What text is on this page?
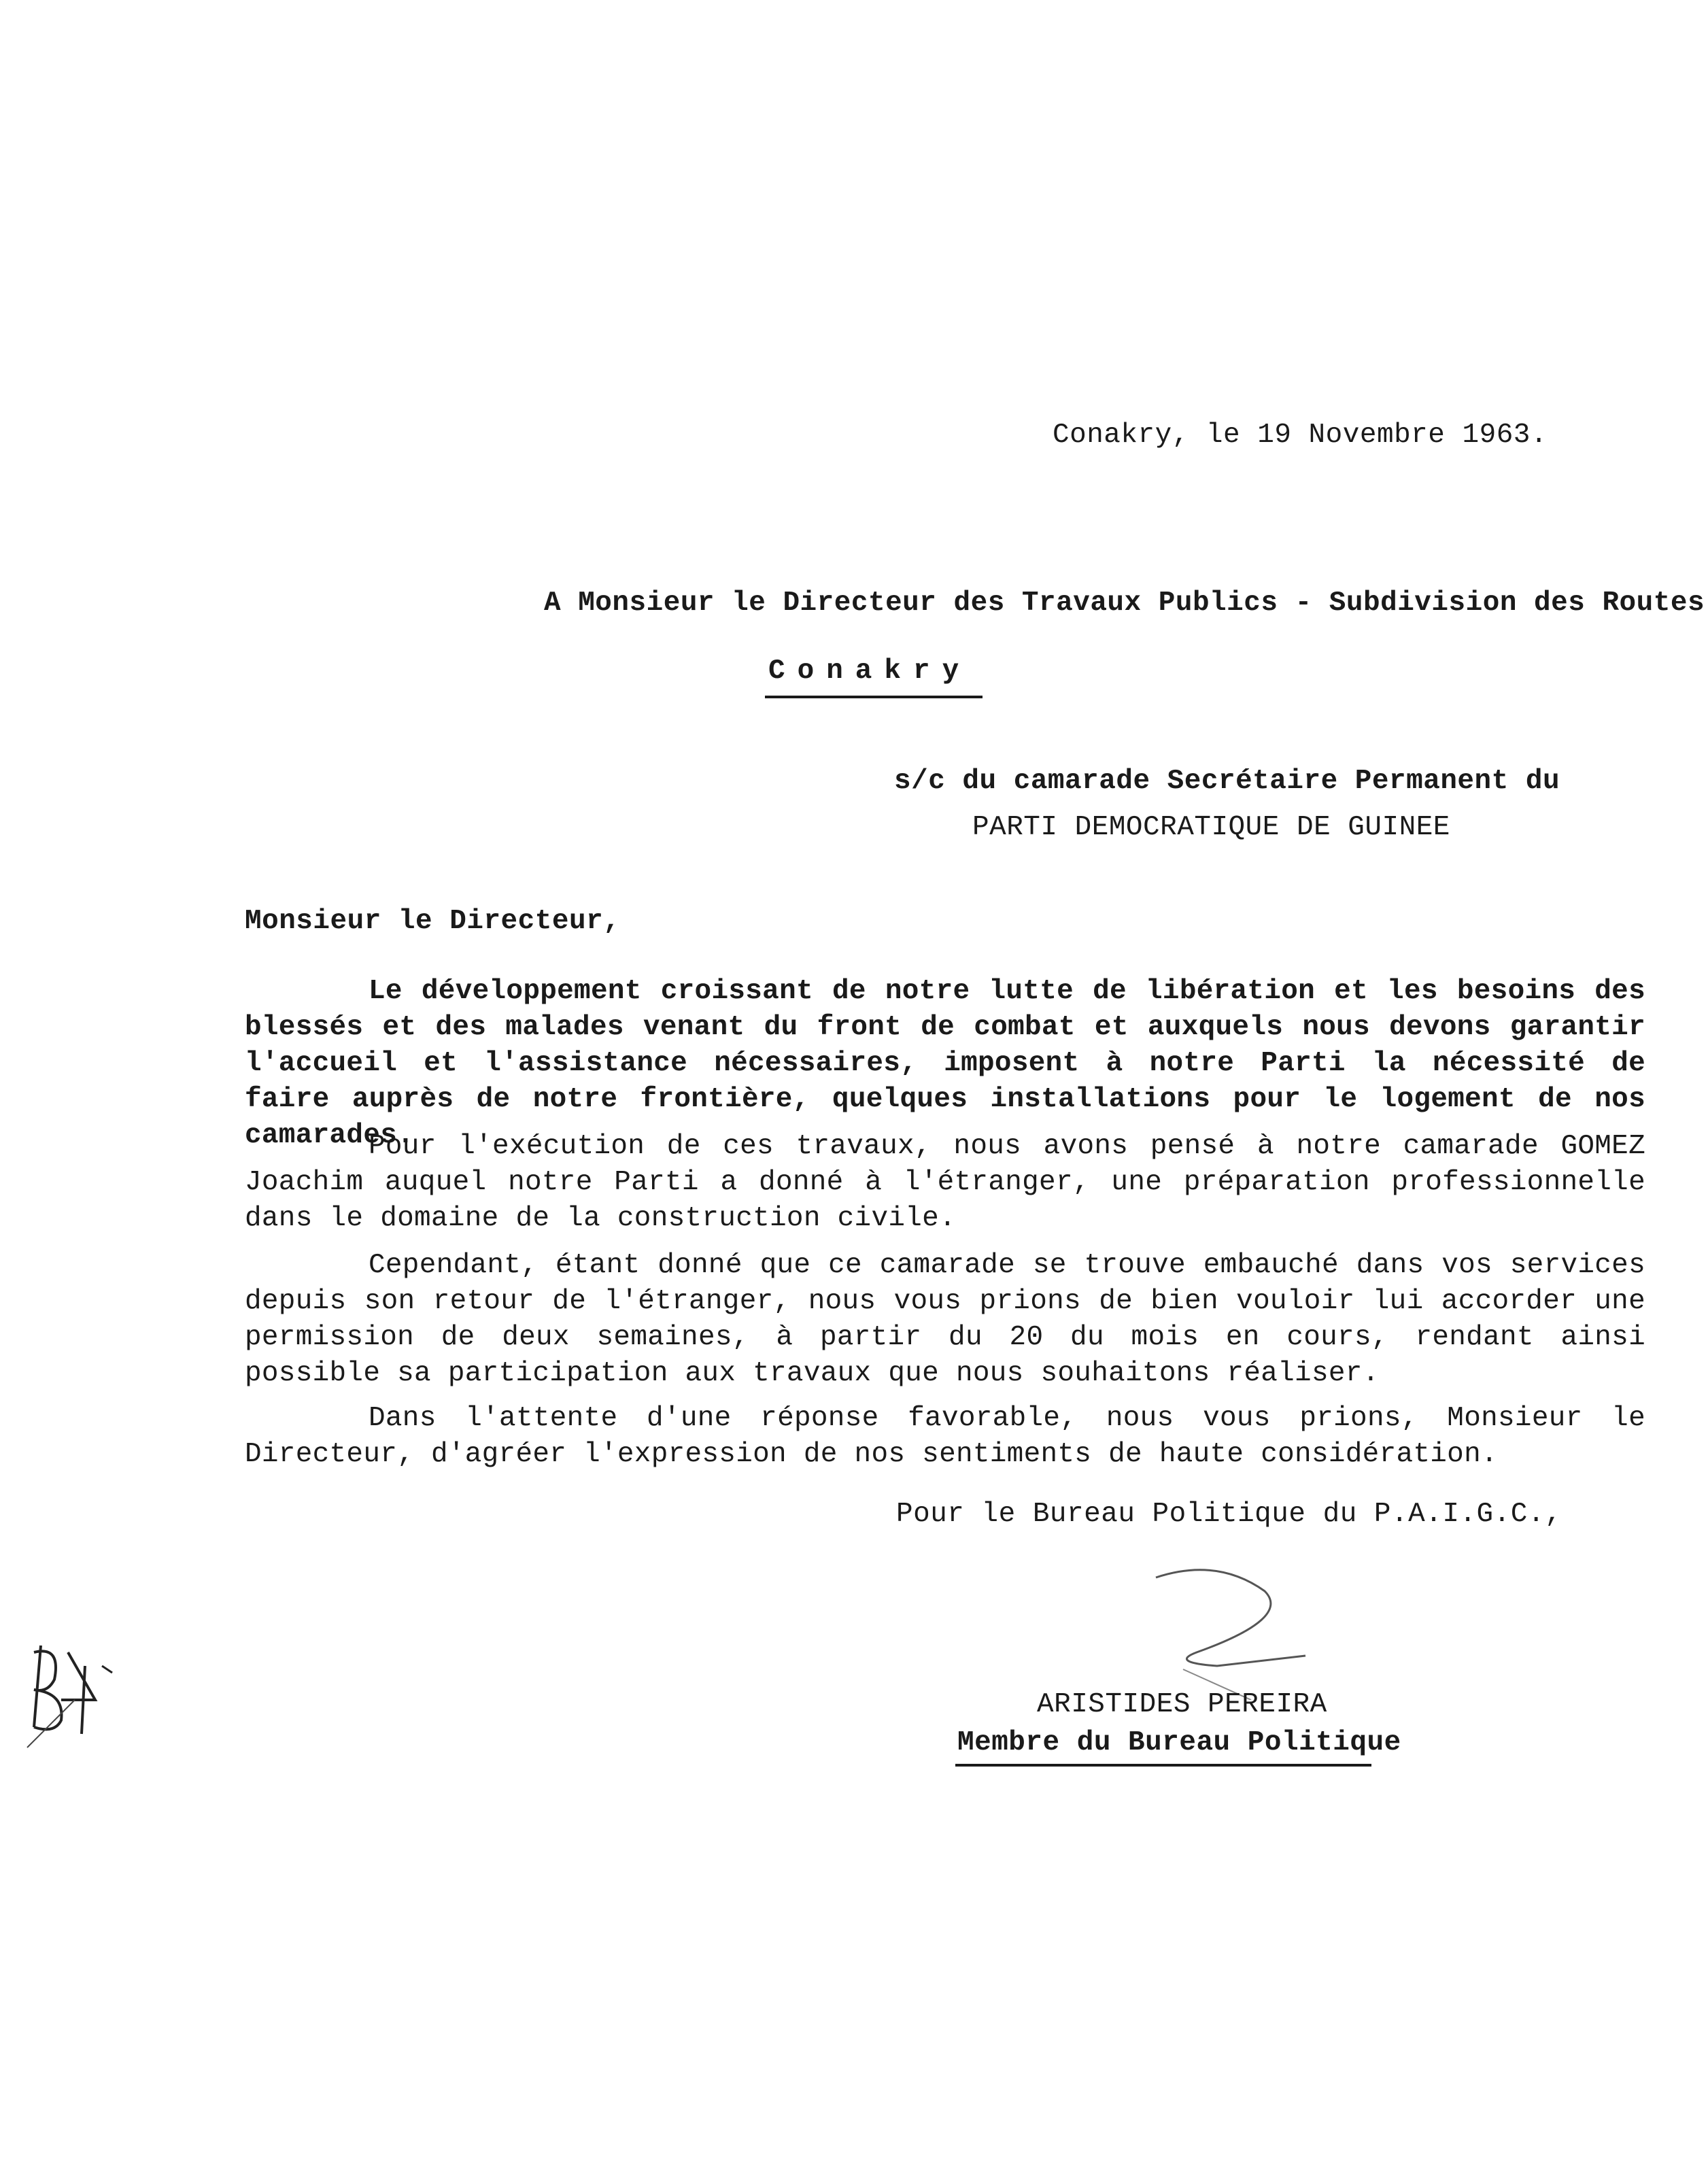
Conakry, le 19 Novembre 1963.
A Monsieur le Directeur des Travaux Publics - Subdivision des Routes
Conakry
s/c du camarade Secrétaire Permanent du
PARTI DEMOCRATIQUE DE GUINEE
Monsieur le Directeur,
Le développement croissant de notre lutte de libération et les besoins des blessés et des malades venant du front de combat et auxquels nous devons garantir l'accueil et l'assistance nécessaires, imposent à notre Parti la nécessité de faire auprès de notre frontière, quelques installations pour le logement de nos camarades.
Pour l'exécution de ces travaux, nous avons pensé à notre camarade GOMEZ Joachim auquel notre Parti a donné à l'étranger, une préparation professionnelle dans le domaine de la construction civile.
Cependant, étant donné que ce camarade se trouve embauché dans vos services depuis son retour de l'étranger, nous vous prions de bien vouloir lui accorder une permission de deux semaines, à partir du 20 du mois en cours, rendant ainsi possible sa participation aux travaux que nous souhaitons réaliser.
Dans l'attente d'une réponse favorable, nous vous prions, Monsieur le Directeur, d'agréer l'expression de nos sentiments de haute considération.
Pour le Bureau Politique du P.A.I.G.C.,
ARISTIDES PEREIRA
Membre du Bureau Politique
